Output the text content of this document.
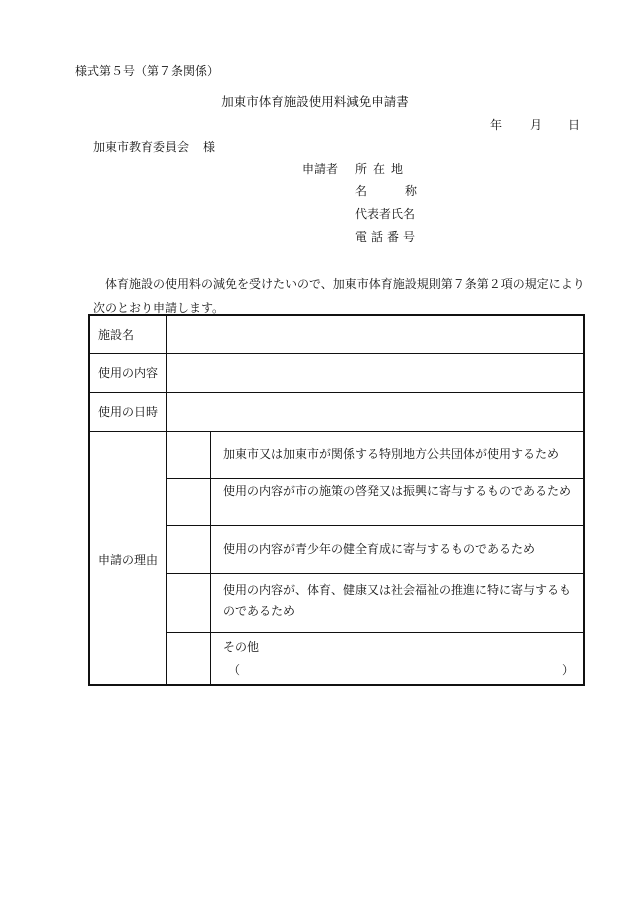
様式第５号（第７条関係）
加東市体育施設使用料減免申請書
年 月 日
加東市教育委員会 様
申請者 所在地
名称
代表者氏名
電話番号
体育施設の使用料の減免を受けたいので、加東市体育施設規則第７条第２項の規定により次のとおり申請します。
施設名
使用の内容
使用の日時
申請の理由
加東市又は加東市が関係する特別地方公共団体が使用するため
使用の内容が市の施策の啓発又は振興に寄与するものであるため
使用の内容が青少年の健全育成に寄与するものであるため
使用の内容が、体育、健康又は社会福祉の推進に特に寄与するものであるため
その他
（	）
